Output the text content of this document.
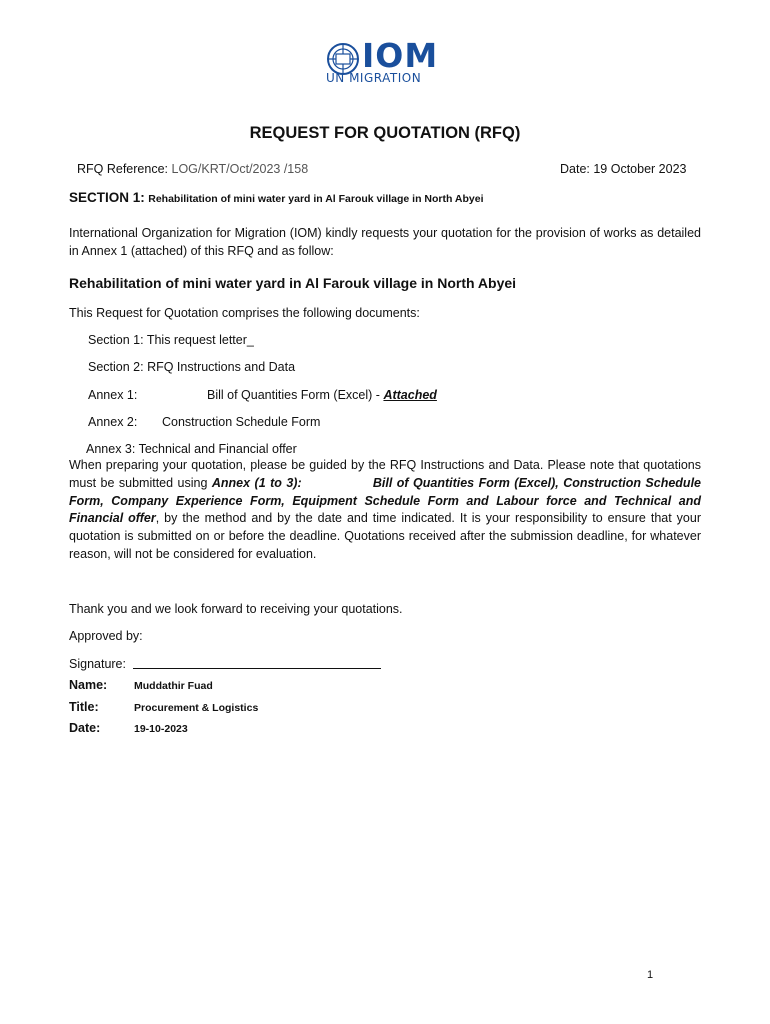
IOM
UN MIGRATION
REQUEST FOR QUOTATION (RFQ)
RFQ Reference: LOG/KRT/Oct/2023 /158	Date: 19 October 2023
SECTION 1: Rehabilitation of mini water yard in Al Farouk village in North Abyei
International Organization for Migration (IOM) kindly requests your quotation for the provision of works as detailed in Annex 1 (attached) of this RFQ and as follow:
Rehabilitation of mini water yard in Al Farouk village in North Abyei
This Request for Quotation comprises the following documents:
Section 1: This request letter_
Section 2: RFQ Instructions and Data
Annex 1:	Bill of Quantities Form (Excel) - Attached
Annex 2: Construction Schedule Form
Annex 3: Technical and Financial offer
When preparing your quotation, please be guided by the RFQ Instructions and Data. Please note that quotations must be submitted using Annex (1 to 3):	Bill of Quantities Form (Excel), Construction Schedule Form, Company Experience Form, Equipment Schedule Form and Labour force and Technical and Financial offer, by the method and by the date and time indicated. It is your responsibility to ensure that your quotation is submitted on or before the deadline. Quotations received after the submission deadline, for whatever reason, will not be considered for evaluation.
Thank you and we look forward to receiving your quotations.
Approved by:
Signature:
Name:	Muddathir Fuad
Title:	Procurement & Logistics
Date:	19-10-2023
1
